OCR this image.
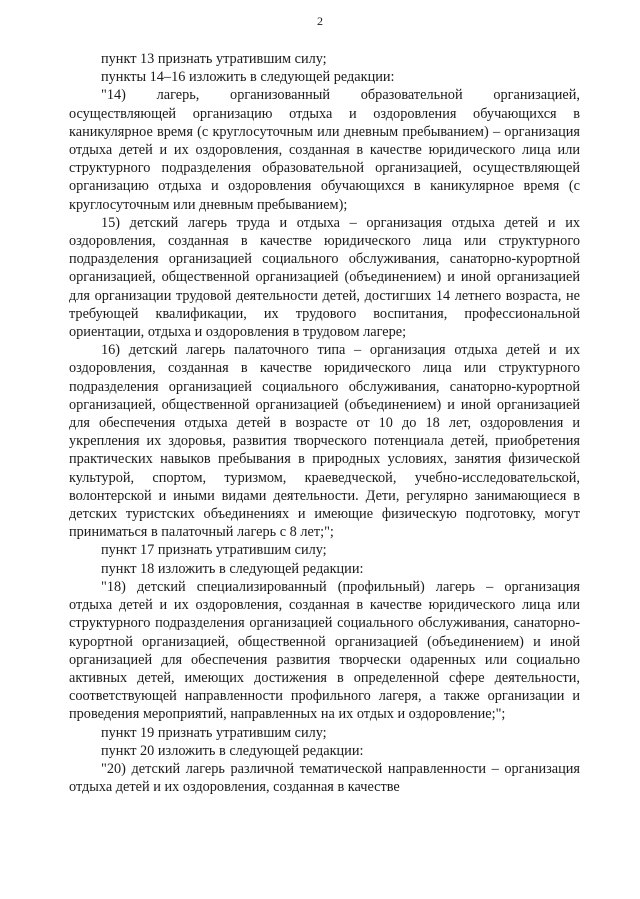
2

пункт 13 признать утратившим силу;

пункты 14–16 изложить в следующей редакции:

"14) лагерь, организованный образовательной организацией, осуществляющей организацию отдыха и оздоровления обучающихся в каникулярное время (с круглосуточным или дневным пребыванием) – организация отдыха детей и их оздоровления, созданная в качестве юридического лица или структурного подразделения образовательной организацией, осуществляющей организацию отдыха и оздоровления обучающихся в каникулярное время (с круглосуточным или дневным пребыванием);

15) детский лагерь труда и отдыха – организация отдыха детей и их оздоровления, созданная в качестве юридического лица или структурного подразделения организацией социального обслуживания, санаторно-курортной организацией, общественной организацией (объединением) и иной организацией для организации трудовой деятельности детей, достигших 14 летнего возраста, не требующей квалификации, их трудового воспитания, профессиональной ориентации, отдыха и оздоровления в трудовом лагере;

16) детский лагерь палаточного типа – организация отдыха детей и их оздоровления, созданная в качестве юридического лица или структурного подразделения организацией социального обслуживания, санаторно-курортной организацией, общественной организацией (объединением) и иной организацией для обеспечения отдыха детей в возрасте от 10 до 18 лет, оздоровления и укрепления их здоровья, развития творческого потенциала детей, приобретения практических навыков пребывания в природных условиях, занятия физической культурой, спортом, туризмом, краеведческой, учебно-исследовательской, волонтерской и иными видами деятельности. Дети, регулярно занимающиеся в детских туристских объединениях и имеющие физическую подготовку, могут приниматься в палаточный лагерь с 8 лет;";

пункт 17 признать утратившим силу;

пункт 18 изложить в следующей редакции:

"18) детский специализированный (профильный) лагерь – организация отдыха детей и их оздоровления, созданная в качестве юридического лица или структурного подразделения организацией социального обслуживания, санаторно-курортной организацией, общественной организацией (объединением) и иной организацией для обеспечения развития творчески одаренных или социально активных детей, имеющих достижения в определенной сфере деятельности, соответствующей направленности профильного лагеря, а также организации и проведения мероприятий, направленных на их отдых и оздоровление;";

пункт 19 признать утратившим силу;

пункт 20 изложить в следующей редакции:

"20) детский лагерь различной тематической направленности – организация отдыха детей и их оздоровления, созданная в качестве
